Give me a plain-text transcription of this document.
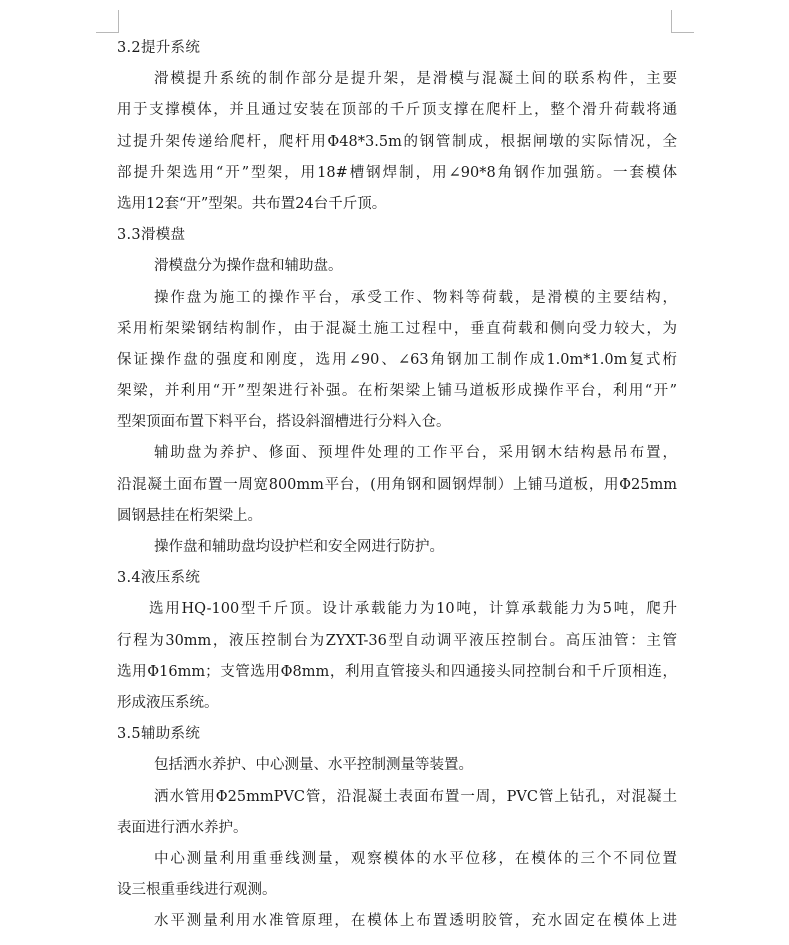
3.2提升系统
滑模提升系统的制作部分是提升架，是滑模与混凝土间的联系构件，主要
用于支撑模体，并且通过安装在顶部的千斤顶支撑在爬杆上，整个滑升荷载将通
过提升架传递给爬杆，爬杆用Φ48*3.5m的钢管制成，根据闸墩的实际情况，全
部提升架选用“开”型架，用18#槽钢焊制，用∠90*8角钢作加强筋。一套模体
选用12套“开”型架。共布置24台千斤顶。
3.3滑模盘
滑模盘分为操作盘和辅助盘。
操作盘为施工的操作平台，承受工作、物料等荷载，是滑模的主要结构，
采用桁架梁钢结构制作，由于混凝土施工过程中，垂直荷载和侧向受力较大，为
保证操作盘的强度和刚度，选用∠90、∠63角钢加工制作成1.0m*1.0m复式桁
架梁，并利用“开”型架进行补强。在桁架梁上铺马道板形成操作平台，利用“开”
型架顶面布置下料平台，搭设斜溜槽进行分料入仓。
辅助盘为养护、修面、预埋件处理的工作平台，采用钢木结构悬吊布置，
沿混凝土面布置一周宽800mm平台，(用角钢和圆钢焊制）上铺马道板，用Φ25mm
圆钢悬挂在桁架梁上。
操作盘和辅助盘均设护栏和安全网进行防护。
3.4液压系统
选用HQ-100型千斤顶。设计承载能力为10吨，计算承载能力为5吨，爬升
行程为30mm，液压控制台为ZYXT-36型自动调平液压控制台。高压油管：主管
选用Φ16mm；支管选用Φ8mm，利用直管接头和四通接头同控制台和千斤顶相连，
形成液压系统。
3.5辅助系统
包括洒水养护、中心测量、水平控制测量等装置。
洒水管用Φ25mmPVC管，沿混凝土表面布置一周，PVC管上钻孔，对混凝土
表面进行洒水养护。
中心测量利用重垂线测量，观察模体的水平位移，在模体的三个不同位置
设三根重垂线进行观测。
水平测量利用水准管原理，在模体上布置透明胶管，充水固定在模体上进
